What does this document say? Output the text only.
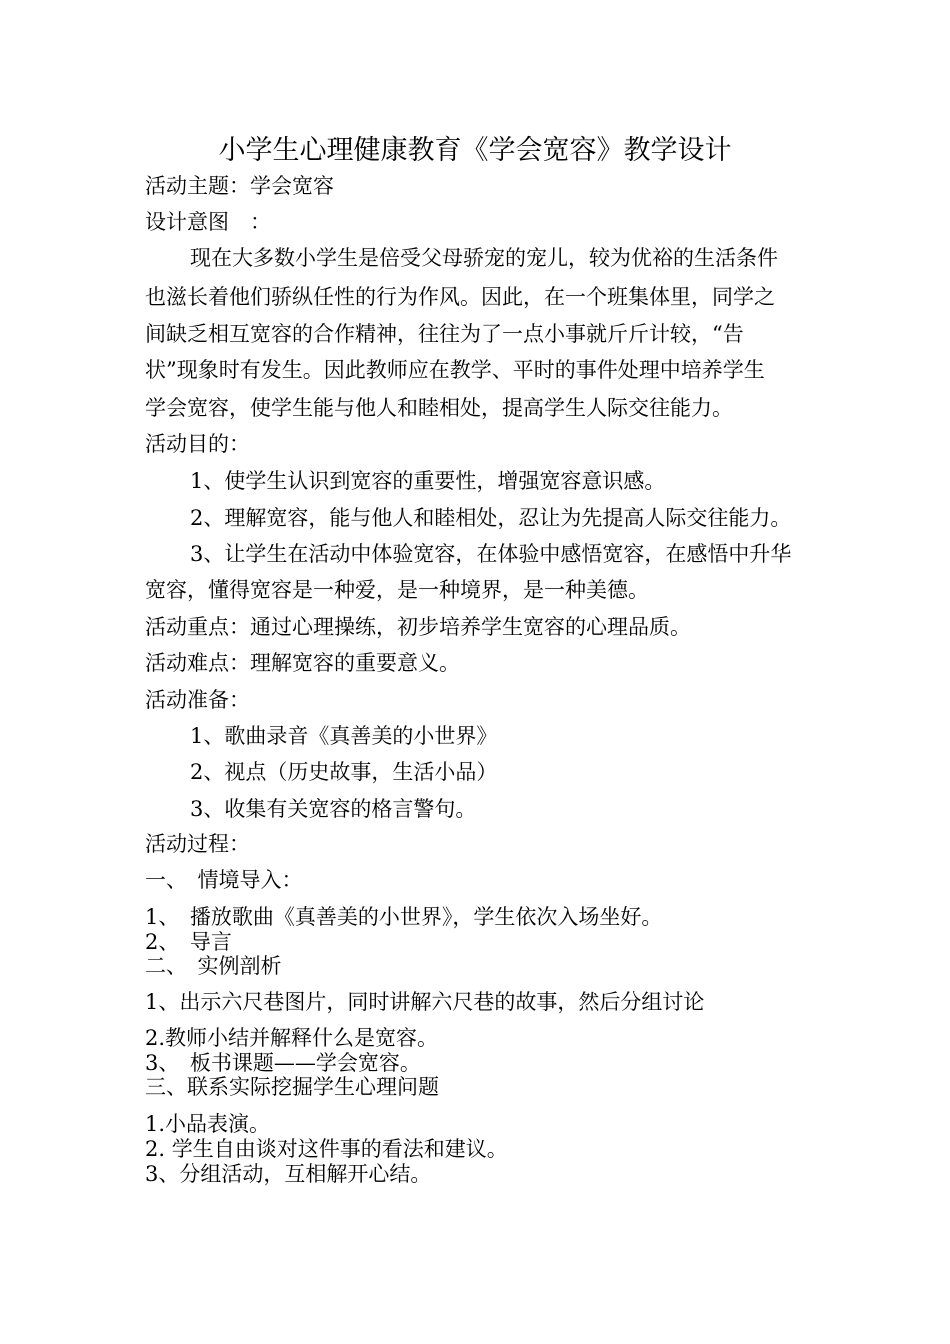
小学生心理健康教育《学会宽容》教学设计
活动主题：学会宽容
设计意图　：
现在大多数小学生是倍受父母骄宠的宠儿，较为优裕的生活条件
也滋长着他们骄纵任性的行为作风。因此，在一个班集体里，同学之
间缺乏相互宽容的合作精神，往往为了一点小事就斤斤计较，“告
状”现象时有发生。因此教师应在教学、平时的事件处理中培养学生
学会宽容，使学生能与他人和睦相处，提高学生人际交往能力。
活动目的：
1、使学生认识到宽容的重要性，增强宽容意识感。
2、理解宽容，能与他人和睦相处，忍让为先提高人际交往能力。
3、让学生在活动中体验宽容，在体验中感悟宽容，在感悟中升华
宽容，懂得宽容是一种爱，是一种境界，是一种美德。
活动重点：通过心理操练，初步培养学生宽容的心理品质。
活动难点：理解宽容的重要意义。
活动准备：
1、歌曲录音《真善美的小世界》
2、视点（历史故事，生活小品）
3、收集有关宽容的格言警句。
活动过程：
一、　情境导入：
1、　播放歌曲《真善美的小世界》，学生依次入场坐好。
2、　导言
二、　实例剖析
1、出示六尺巷图片，同时讲解六尺巷的故事，然后分组讨论
2.教师小结并解释什么是宽容。
3、　板书课题——学会宽容。
三、联系实际挖掘学生心理问题
1.小品表演。
2. 学生自由谈对这件事的看法和建议。
3、分组活动，互相解开心结。
